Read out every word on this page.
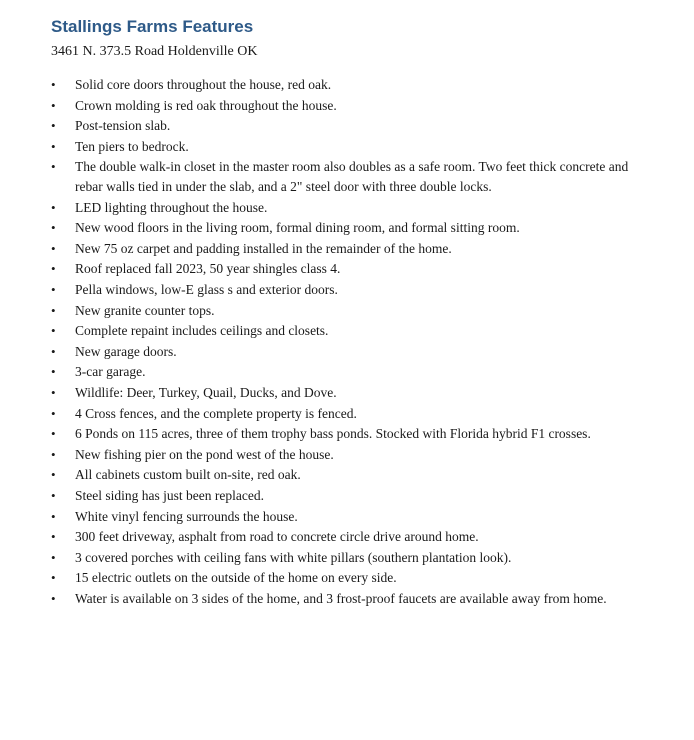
Stallings Farms Features

3461 N. 373.5 Road Holdenville OK

•	Solid core doors throughout the house, red oak.
•	Crown molding is red oak throughout the house.
•	Post-tension slab.
•	Ten piers to bedrock.
•	The double walk-in closet in the master room also doubles as a safe room. Two feet thick concrete and rebar walls tied in under the slab, and a 2" steel door with three double locks.
•	LED lighting throughout the house.
•	New wood floors in the living room, formal dining room, and formal sitting room.
•	New 75 oz carpet and padding installed in the remainder of the home.
•	Roof replaced fall 2023, 50 year shingles class 4.
•	Pella windows, low-E glass s and exterior doors.
•	New granite counter tops.
•	Complete repaint includes ceilings and closets.
•	New garage doors.
•	3-car garage.
•	Wildlife: Deer, Turkey, Quail, Ducks, and Dove.
•	4 Cross fences, and the complete property is fenced.
•	6 Ponds on 115 acres, three of them trophy bass ponds. Stocked with Florida hybrid F1 crosses.
•	New fishing pier on the pond west of the house.
•	All cabinets custom built on-site, red oak.
•	Steel siding has just been replaced.
•	White vinyl fencing surrounds the house.
•	300 feet driveway, asphalt from road to concrete circle drive around home.
•	3 covered porches with ceiling fans with white pillars (southern plantation look).
•	15 electric outlets on the outside of the home on every side.
•	Water is available on 3 sides of the home, and 3 frost-proof faucets are available away from home.
